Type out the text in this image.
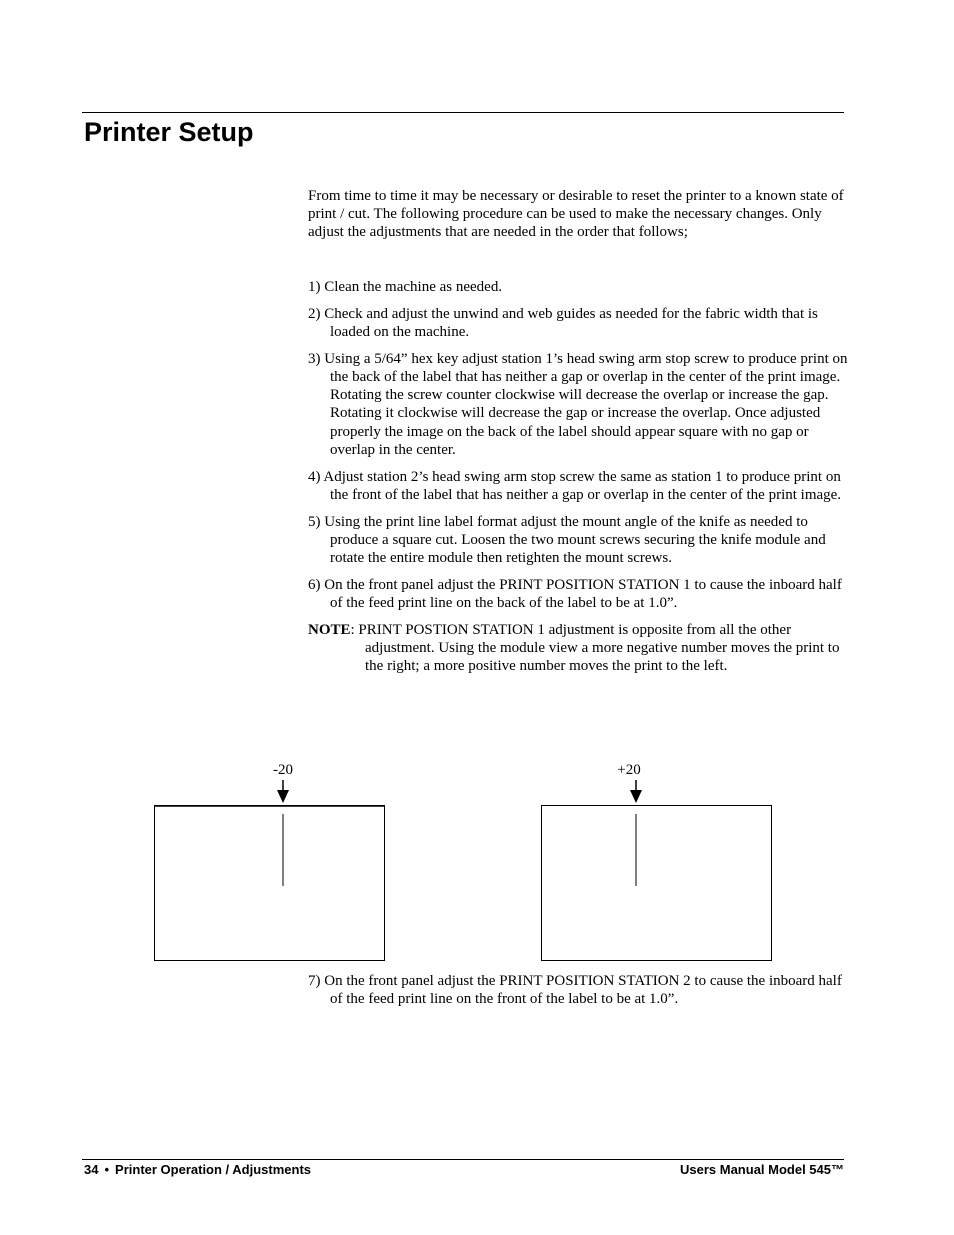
Printer Setup

From time to time it may be necessary or desirable to reset the printer to a known state of print / cut. The following procedure can be used to make the necessary changes. Only adjust the adjustments that are needed in the order that follows;

1) Clean the machine as needed.

2) Check and adjust the unwind and web guides as needed for the fabric width that is loaded on the machine.

3) Using a 5/64” hex key adjust station 1’s head swing arm stop screw to produce print on the back of the label that has neither a gap or overlap in the center of the print image. Rotating the screw counter clockwise will decrease the overlap or increase the gap. Rotating it clockwise will decrease the gap or increase the overlap. Once adjusted properly the image on the back of the label should appear square with no gap or overlap in the center.

4) Adjust station 2’s head swing arm stop screw the same as station 1 to produce print on the front of the label that has neither a gap or overlap in the center of the print image.

5) Using the print line label format adjust the mount angle of the knife as needed to produce a square cut. Loosen the two mount screws securing the knife module and rotate the entire module then retighten the mount screws.

6) On the front panel adjust the PRINT POSITION STATION 1 to cause the inboard half of the feed print line on the back of the label to be at 1.0”.

NOTE: PRINT POSTION STATION 1 adjustment is opposite from all the other adjustment. Using the module view a more negative number moves the print to the right; a more positive number moves the print to the left.

-20	+20

7) On the front panel adjust the PRINT POSITION STATION 2 to cause the inboard half of the feed print line on the front of the label to be at 1.0”.

34 • Printer Operation / Adjustments	Users Manual Model 545™
